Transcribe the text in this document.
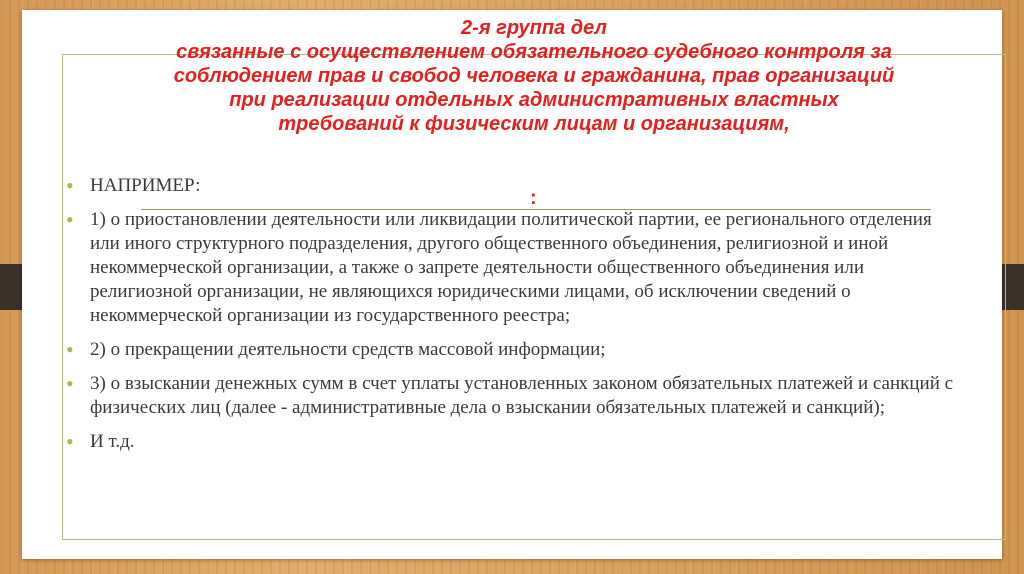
2-я группа дел
связанные с осуществлением обязательного судебного контроля за
соблюдением прав и свобод человека и гражданина, прав организаций
при реализации отдельных административных властных
требований к физическим лицам и организациям,
:
• НАПРИМЕР:
• 1) о приостановлении деятельности или ликвидации политической партии, ее регионального отделения или иного структурного подразделения, другого общественного объединения, религиозной и иной некоммерческой организации, а также о запрете деятельности общественного объединения или религиозной организации, не являющихся юридическими лицами, об исключении сведений о некоммерческой организации из государственного реестра;
• 2) о прекращении деятельности средств массовой информации;
• 3) о взыскании денежных сумм в счет уплаты установленных законом обязательных платежей и санкций с физических лиц (далее - административные дела о взыскании обязательных платежей и санкций);
• И т.д.
